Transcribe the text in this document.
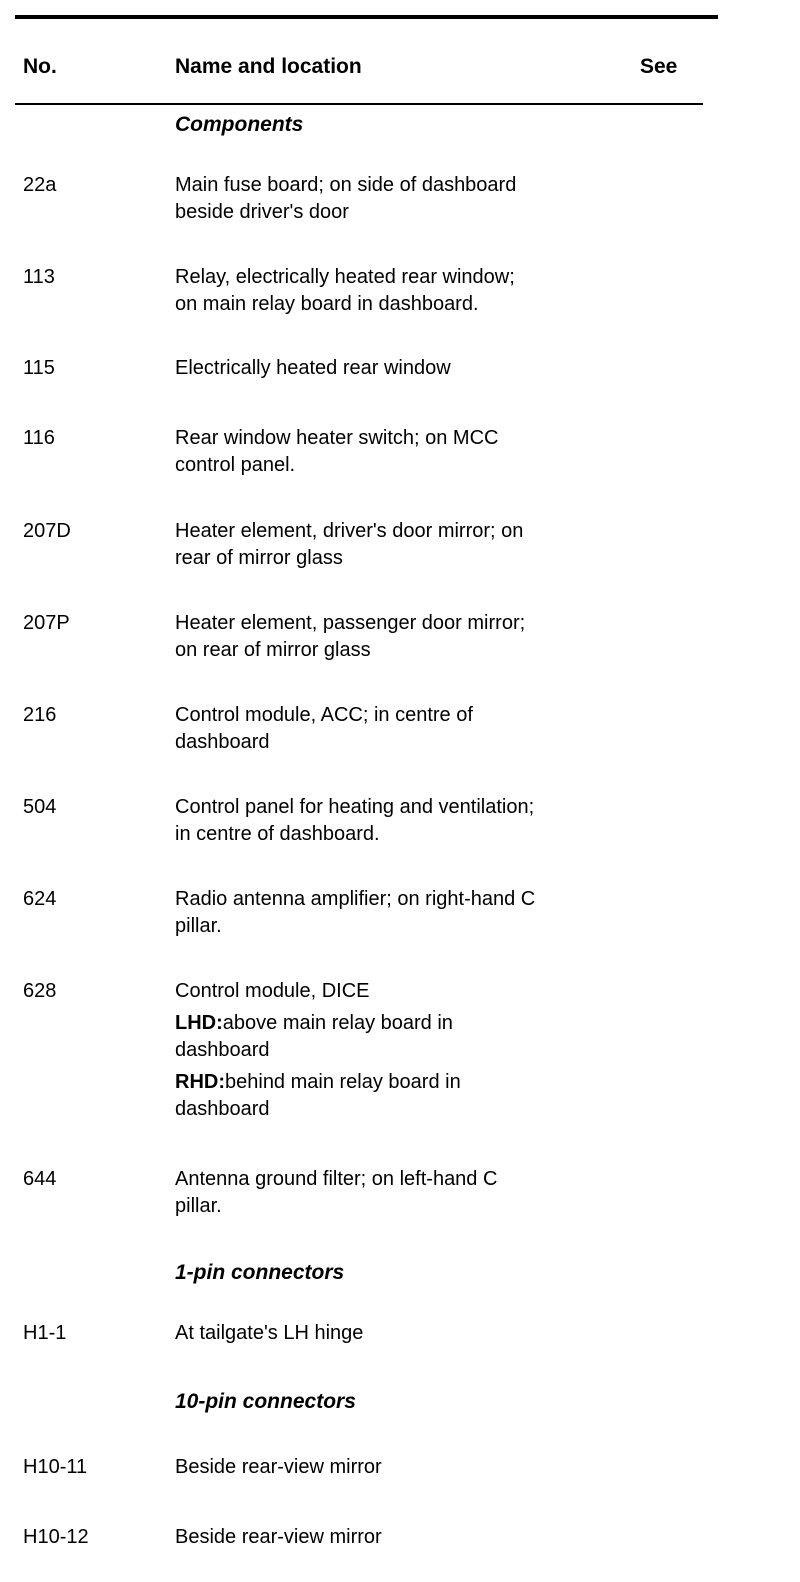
No.	Name and location	See
Components
22a	Main fuse board; on side of dashboard
beside driver's door
113	Relay, electrically heated rear window;
on main relay board in dashboard.
115	Electrically heated rear window
116	Rear window heater switch; on MCC
control panel.
207D	Heater element, driver's door mirror; on
rear of mirror glass
207P	Heater element, passenger door mirror;
on rear of mirror glass
216	Control module, ACC; in centre of
dashboard
504	Control panel for heating and ventilation;
in centre of dashboard.
624	Radio antenna amplifier; on right-hand C
pillar.
628	Control module, DICE
LHD:above main relay board in
dashboard
RHD:behind main relay board in
dashboard
644	Antenna ground filter; on left-hand C
pillar.
1-pin connectors
H1-1	At tailgate's LH hinge
10-pin connectors
H10-11	Beside rear-view mirror
H10-12	Beside rear-view mirror
